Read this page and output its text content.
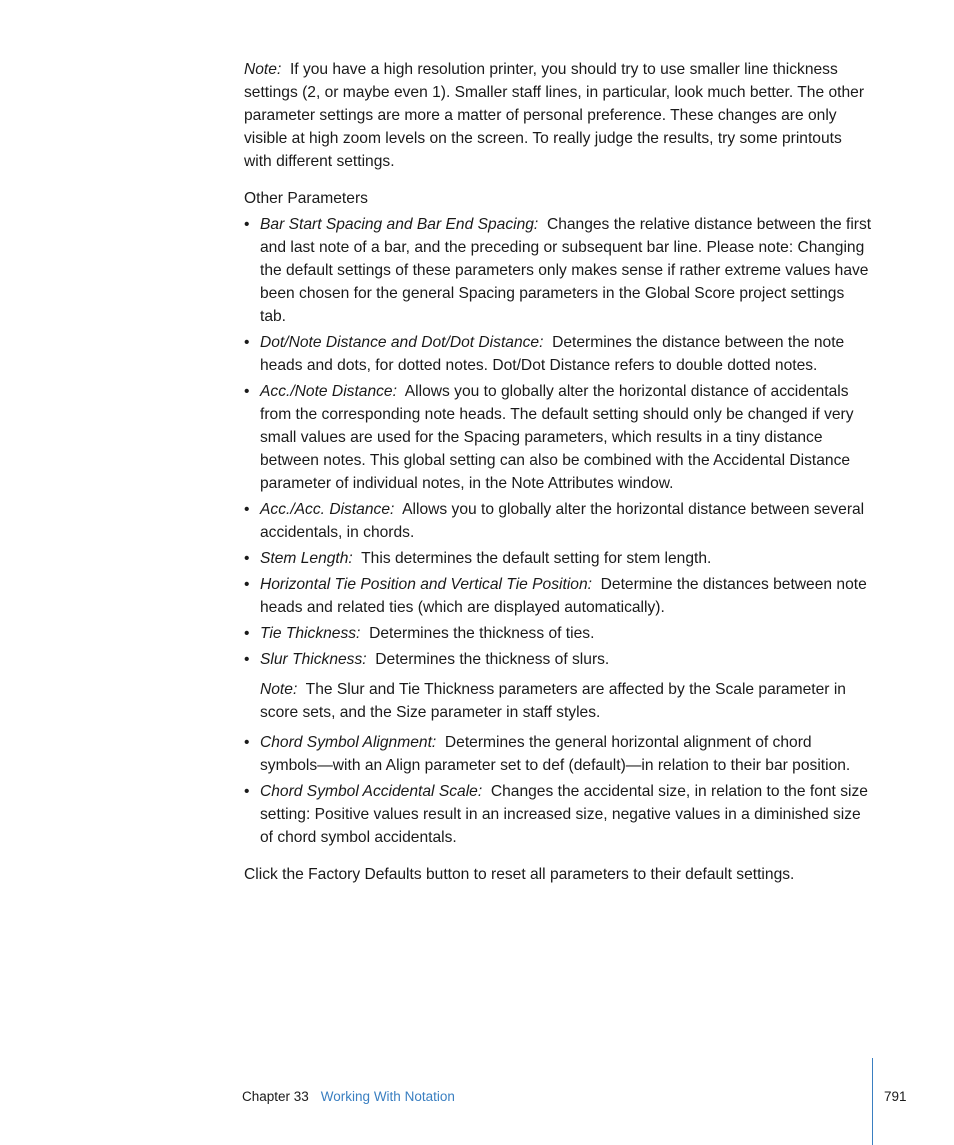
Note: If you have a high resolution printer, you should try to use smaller line thickness settings (2, or maybe even 1). Smaller staff lines, in particular, look much better. The other parameter settings are more a matter of personal preference. These changes are only visible at high zoom levels on the screen. To really judge the results, try some printouts with different settings.

Other Parameters

• Bar Start Spacing and Bar End Spacing: Changes the relative distance between the first and last note of a bar, and the preceding or subsequent bar line. Please note: Changing the default settings of these parameters only makes sense if rather extreme values have been chosen for the general Spacing parameters in the Global Score project settings tab.
• Dot/Note Distance and Dot/Dot Distance: Determines the distance between the note heads and dots, for dotted notes. Dot/Dot Distance refers to double dotted notes.
• Acc./Note Distance: Allows you to globally alter the horizontal distance of accidentals from the corresponding note heads. The default setting should only be changed if very small values are used for the Spacing parameters, which results in a tiny distance between notes. This global setting can also be combined with the Accidental Distance parameter of individual notes, in the Note Attributes window.
• Acc./Acc. Distance: Allows you to globally alter the horizontal distance between several accidentals, in chords.
• Stem Length: This determines the default setting for stem length.
• Horizontal Tie Position and Vertical Tie Position: Determine the distances between note heads and related ties (which are displayed automatically).
• Tie Thickness: Determines the thickness of ties.
• Slur Thickness: Determines the thickness of slurs.

Note: The Slur and Tie Thickness parameters are affected by the Scale parameter in score sets, and the Size parameter in staff styles.

• Chord Symbol Alignment: Determines the general horizontal alignment of chord symbols—with an Align parameter set to def (default)—in relation to their bar position.
• Chord Symbol Accidental Scale: Changes the accidental size, in relation to the font size setting: Positive values result in an increased size, negative values in a diminished size of chord symbol accidentals.

Click the Factory Defaults button to reset all parameters to their default settings.

Chapter 33 Working With Notation	791
